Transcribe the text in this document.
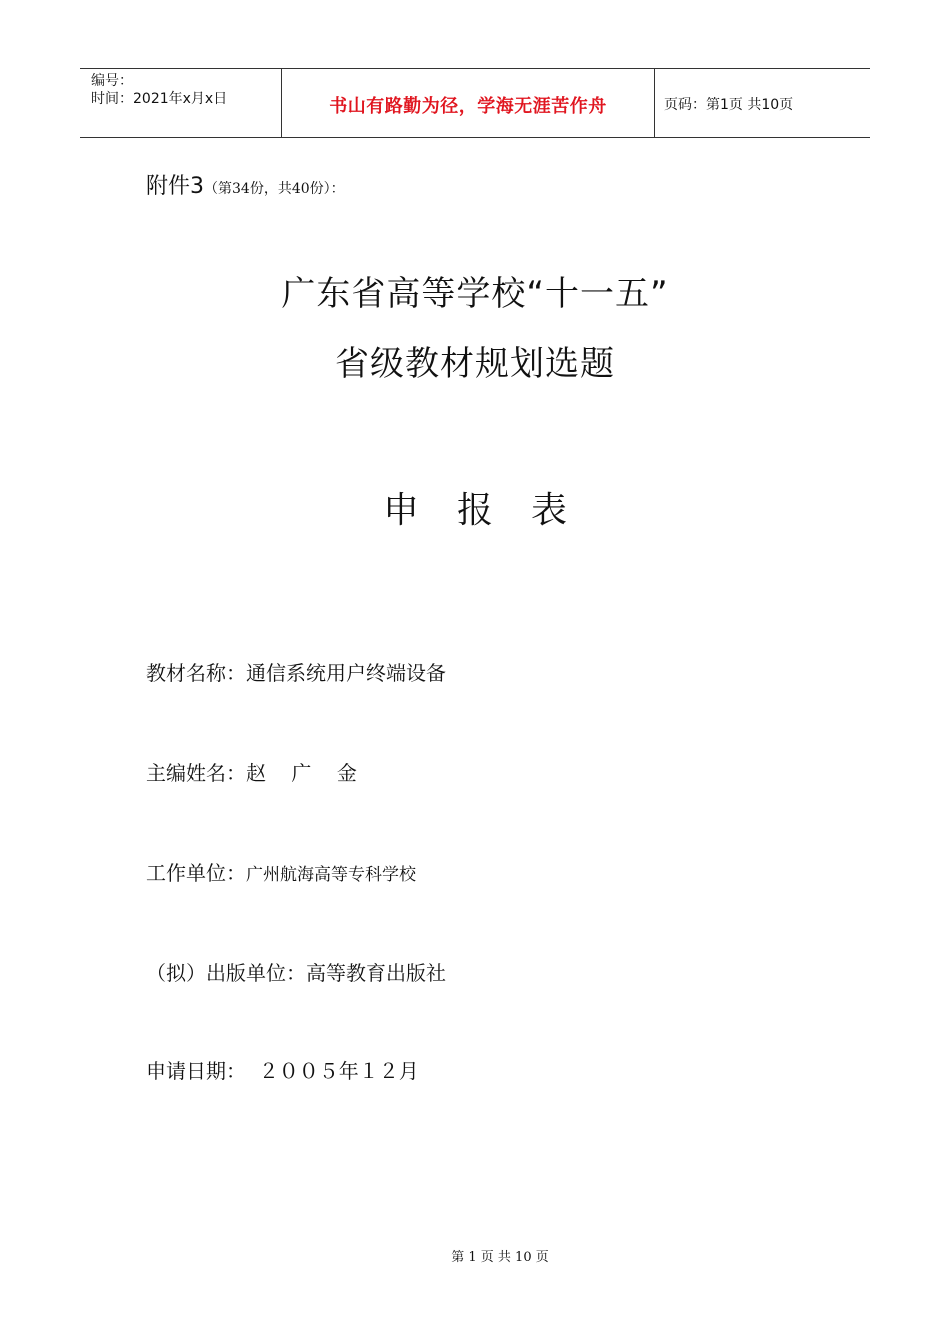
编号：
时间：2021年x月x日	书山有路勤为径，学海无涯苦作舟	页码：第1页 共10页
附件3（第34份，共40份）：
广东省高等学校“十一五”
省级教材规划选题
申报表
教材名称：通信系统用户终端设备
主编姓名：赵    广    金
工作单位：广州航海高等专科学校
（拟）出版单位：高等教育出版社
申请日期：  ２００５年１２月
第 1 页 共 10 页
